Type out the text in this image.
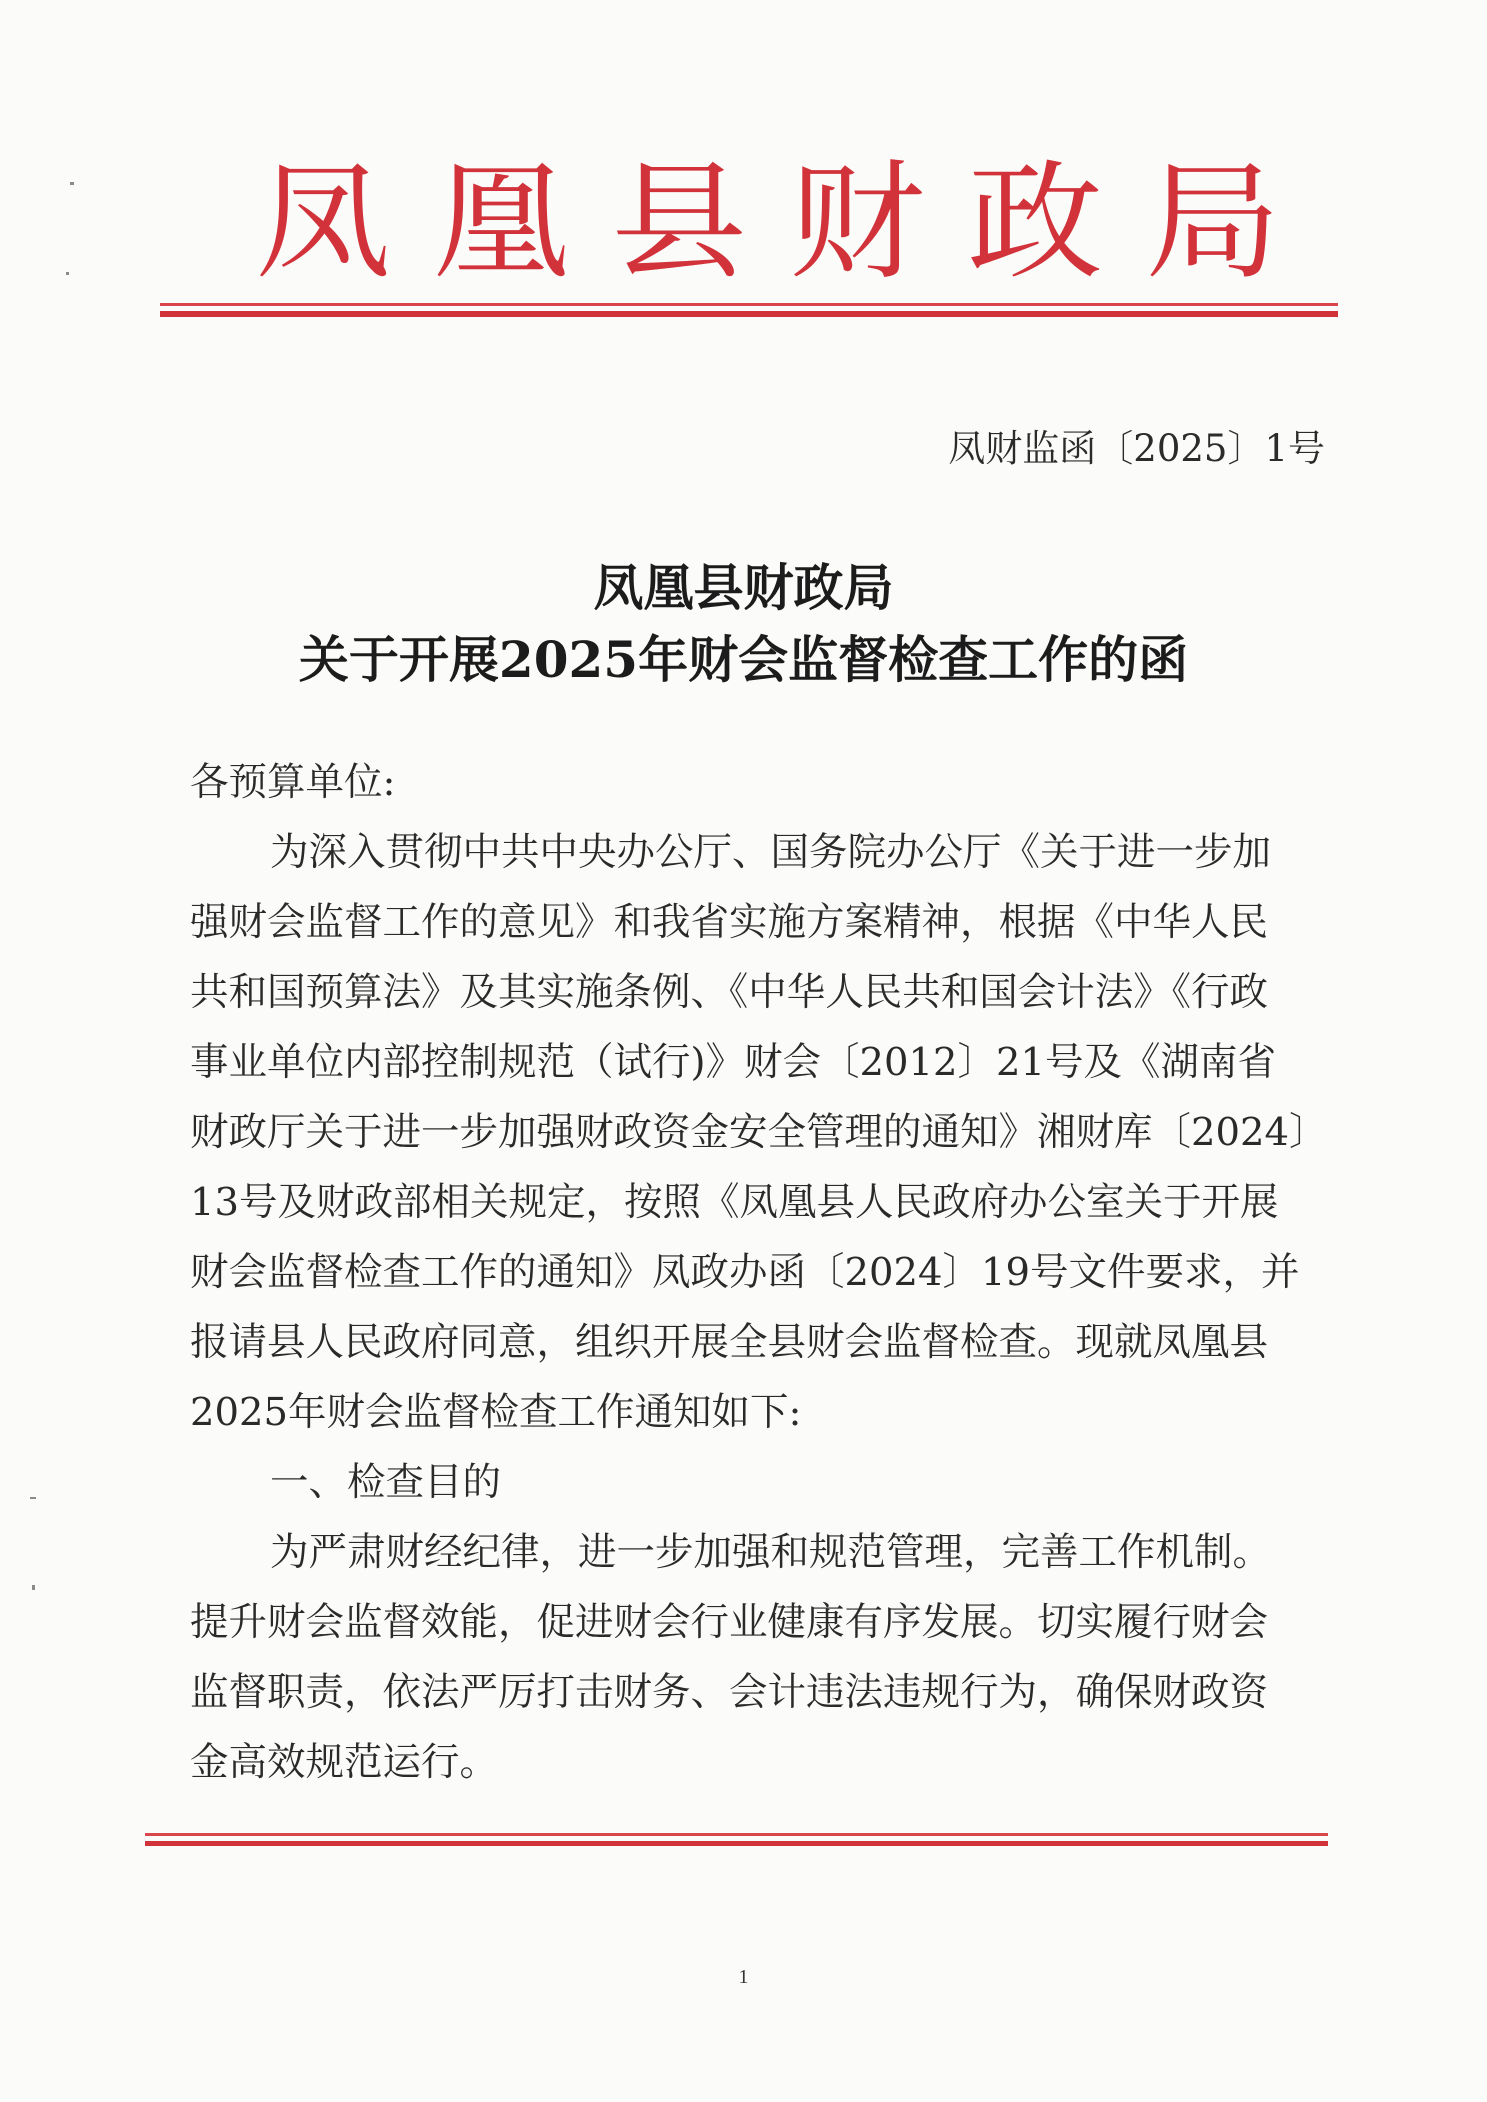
凤凰县财政局
凤财监函〔2025〕1号
凤凰县财政局
关于开展2025年财会监督检查工作的函
各预算单位:
为深入贯彻中共中央办公厅、国务院办公厅《关于进一步加
强财会监督工作的意见》和我省实施方案精神，根据《中华人民
共和国预算法》及其实施条例、《中华人民共和国会计法》《行政
事业单位内部控制规范（试行)》财会〔2012〕21号及《湖南省
财政厅关于进一步加强财政资金安全管理的通知》湘财库〔2024〕
13号及财政部相关规定，按照《凤凰县人民政府办公室关于开展
财会监督检查工作的通知》凤政办函〔2024〕19号文件要求，并
报请县人民政府同意，组织开展全县财会监督检查。现就凤凰县
2025年财会监督检查工作通知如下:
一、检查目的
为严肃财经纪律，进一步加强和规范管理，完善工作机制。
提升财会监督效能，促进财会行业健康有序发展。切实履行财会
监督职责，依法严厉打击财务、会计违法违规行为，确保财政资
金高效规范运行。
1
